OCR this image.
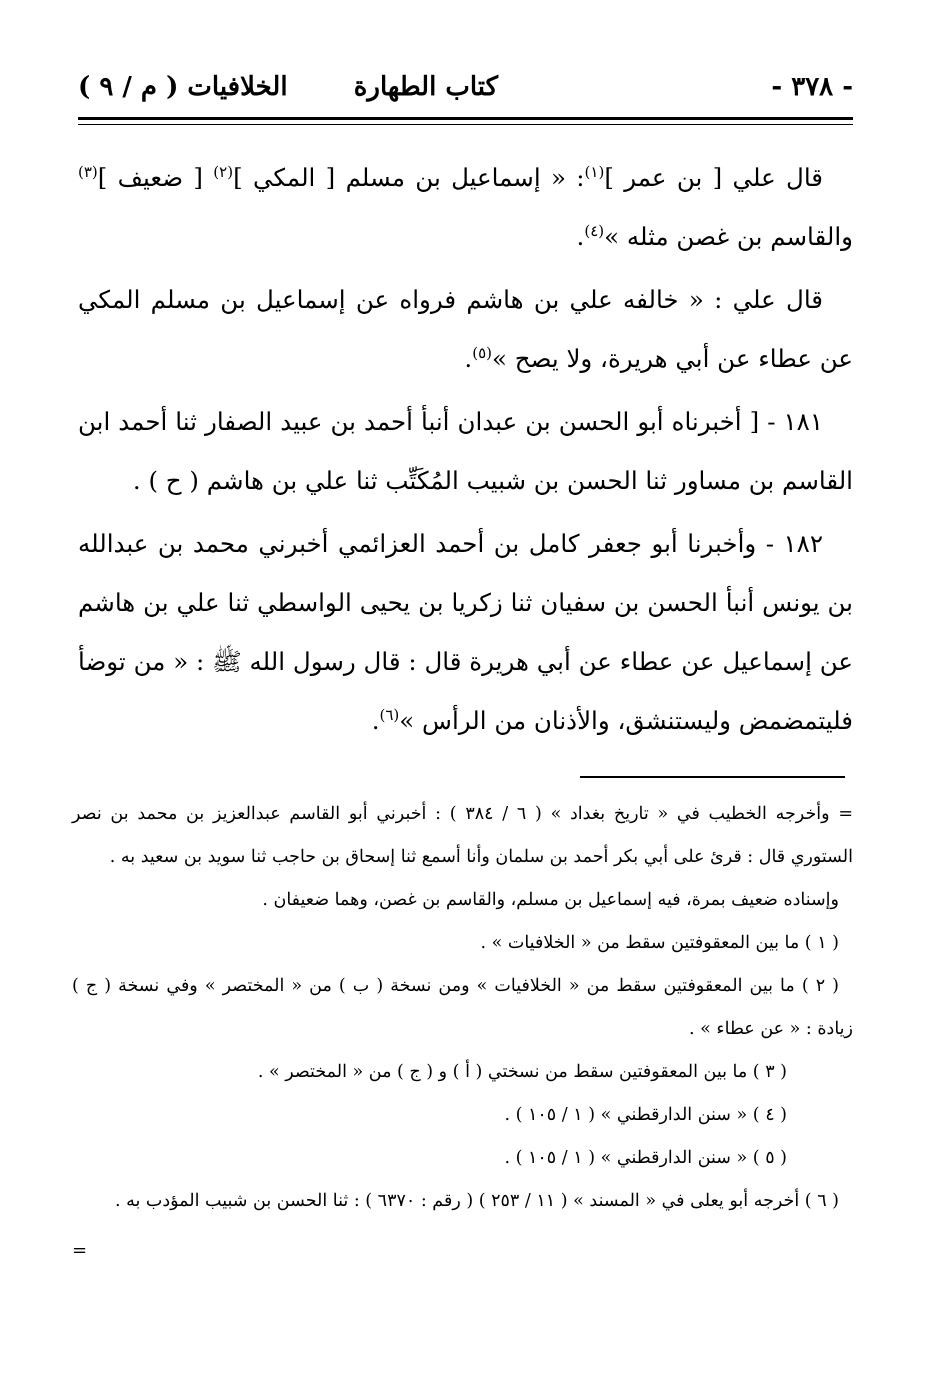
- ٣٧٨ -
كتاب الطهارة
الخلافيات ( م / ٩ )

قال علي [ بن عمر ]$^{(١)}$: « إسماعيل بن مسلم [ المكي ]$^{(٢)}$ [ ضعيف ]$^{(٣)}$ والقاسم بن غصن مثله »$^{(٤)}$.

قال علي : « خالفه علي بن هاشم فرواه عن إسماعيل بن مسلم المكي عن عطاء عن أبي هريرة، ولا يصح »$^{(٥)}$.

١٨١ - [ أخبرناه أبو الحسن بن عبدان أنبأ أحمد بن عبيد الصفار ثنا أحمد ابن القاسم بن مساور ثنا الحسن بن شبيب المُكَتِّب ثنا علي بن هاشم ( ح ) .

١٨٢ - وأخبرنا أبو جعفر كامل بن أحمد العزائمي أخبرني محمد بن عبدالله بن يونس أنبأ الحسن بن سفيان ثنا زكريا بن يحيى الواسطي ثنا علي بن هاشم عن إسماعيل عن عطاء عن أبي هريرة قال : قال رسول الله ﷺ : « من توضأ فليتمضمض وليستنشق، والأذنان من الرأس »$^{(٦)}$.

= وأخرجه الخطيب في « تاريخ بغداد » ( ٦ / ٣٨٤ ) : أخبرني أبو القاسم عبدالعزيز بن محمد بن نصر الستوري قال : قرئ على أبي بكر أحمد بن سلمان وأنا أسمع ثنا إسحاق بن حاجب ثنا سويد بن سعيد به .

وإسناده ضعيف بمرة، فيه إسماعيل بن مسلم، والقاسم بن غصن، وهما ضعيفان .

( ١ ) ما بين المعقوفتين سقط من « الخلافيات » .

( ٢ ) ما بين المعقوفتين سقط من « الخلافيات » ومن نسخة ( ب ) من « المختصر » وفي نسخة ( ج ) زيادة : « عن عطاء » .

( ٣ ) ما بين المعقوفتين سقط من نسختي ( أ ) و ( ج ) من « المختصر » .

( ٤ ) « سنن الدارقطني » ( ١ / ١٠٥ ) .

( ٥ ) « سنن الدارقطني » ( ١ / ١٠٥ ) .

( ٦ ) أخرجه أبو يعلى في « المسند » ( ١١ / ٢٥٣ ) ( رقم : ٦٣٧٠ ) : ثنا الحسن بن شبيب المؤدب به .

=
